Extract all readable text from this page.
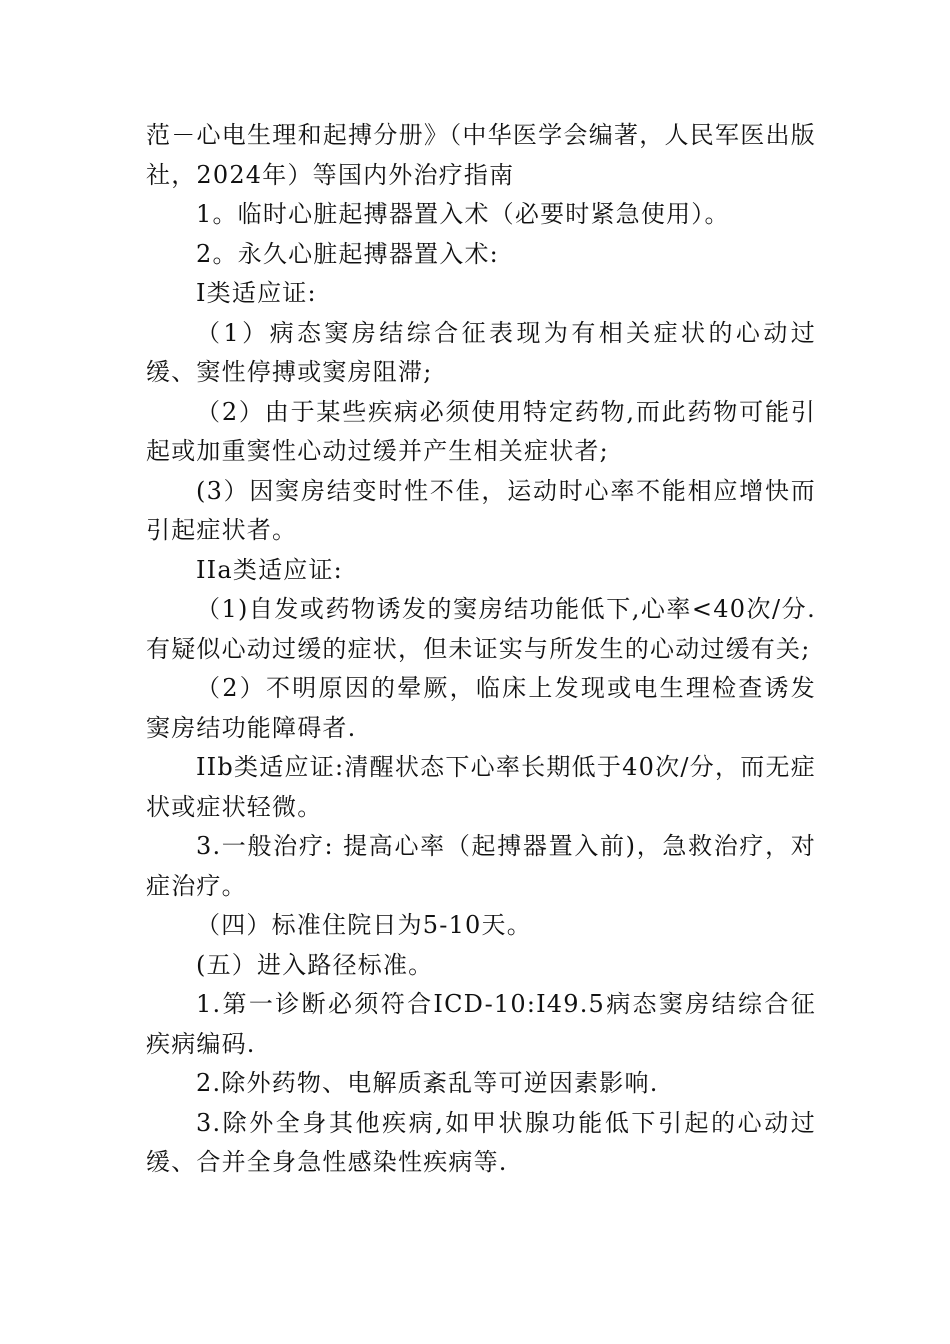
范－心电生理和起搏分册》（中华医学会编著，人民军医出版社，2024年）等国内外治疗指南

1。临时心脏起搏器置入术（必要时紧急使用）。

2。永久心脏起搏器置入术:

I类适应证:

（1）病态窦房结综合征表现为有相关症状的心动过缓、窦性停搏或窦房阻滞;

（2）由于某些疾病必须使用特定药物,而此药物可能引起或加重窦性心动过缓并产生相关症状者;

(3）因窦房结变时性不佳，运动时心率不能相应增快而引起症状者。

IIa类适应证:

（1)自发或药物诱发的窦房结功能低下,心率<40次/分.有疑似心动过缓的症状，但未证实与所发生的心动过缓有关;

（2）不明原因的晕厥，临床上发现或电生理检查诱发窦房结功能障碍者.

IIb类适应证:清醒状态下心率长期低于40次/分，而无症状或症状轻微。

3.一般治疗: 提高心率（起搏器置入前)，急救治疗，对症治疗。

（四）标准住院日为5-10天。

(五）进入路径标准。

1.第一诊断必须符合ICD-10:I49.5病态窦房结综合征疾病编码.

2.除外药物、电解质紊乱等可逆因素影响.

3.除外全身其他疾病,如甲状腺功能低下引起的心动过缓、合并全身急性感染性疾病等.
